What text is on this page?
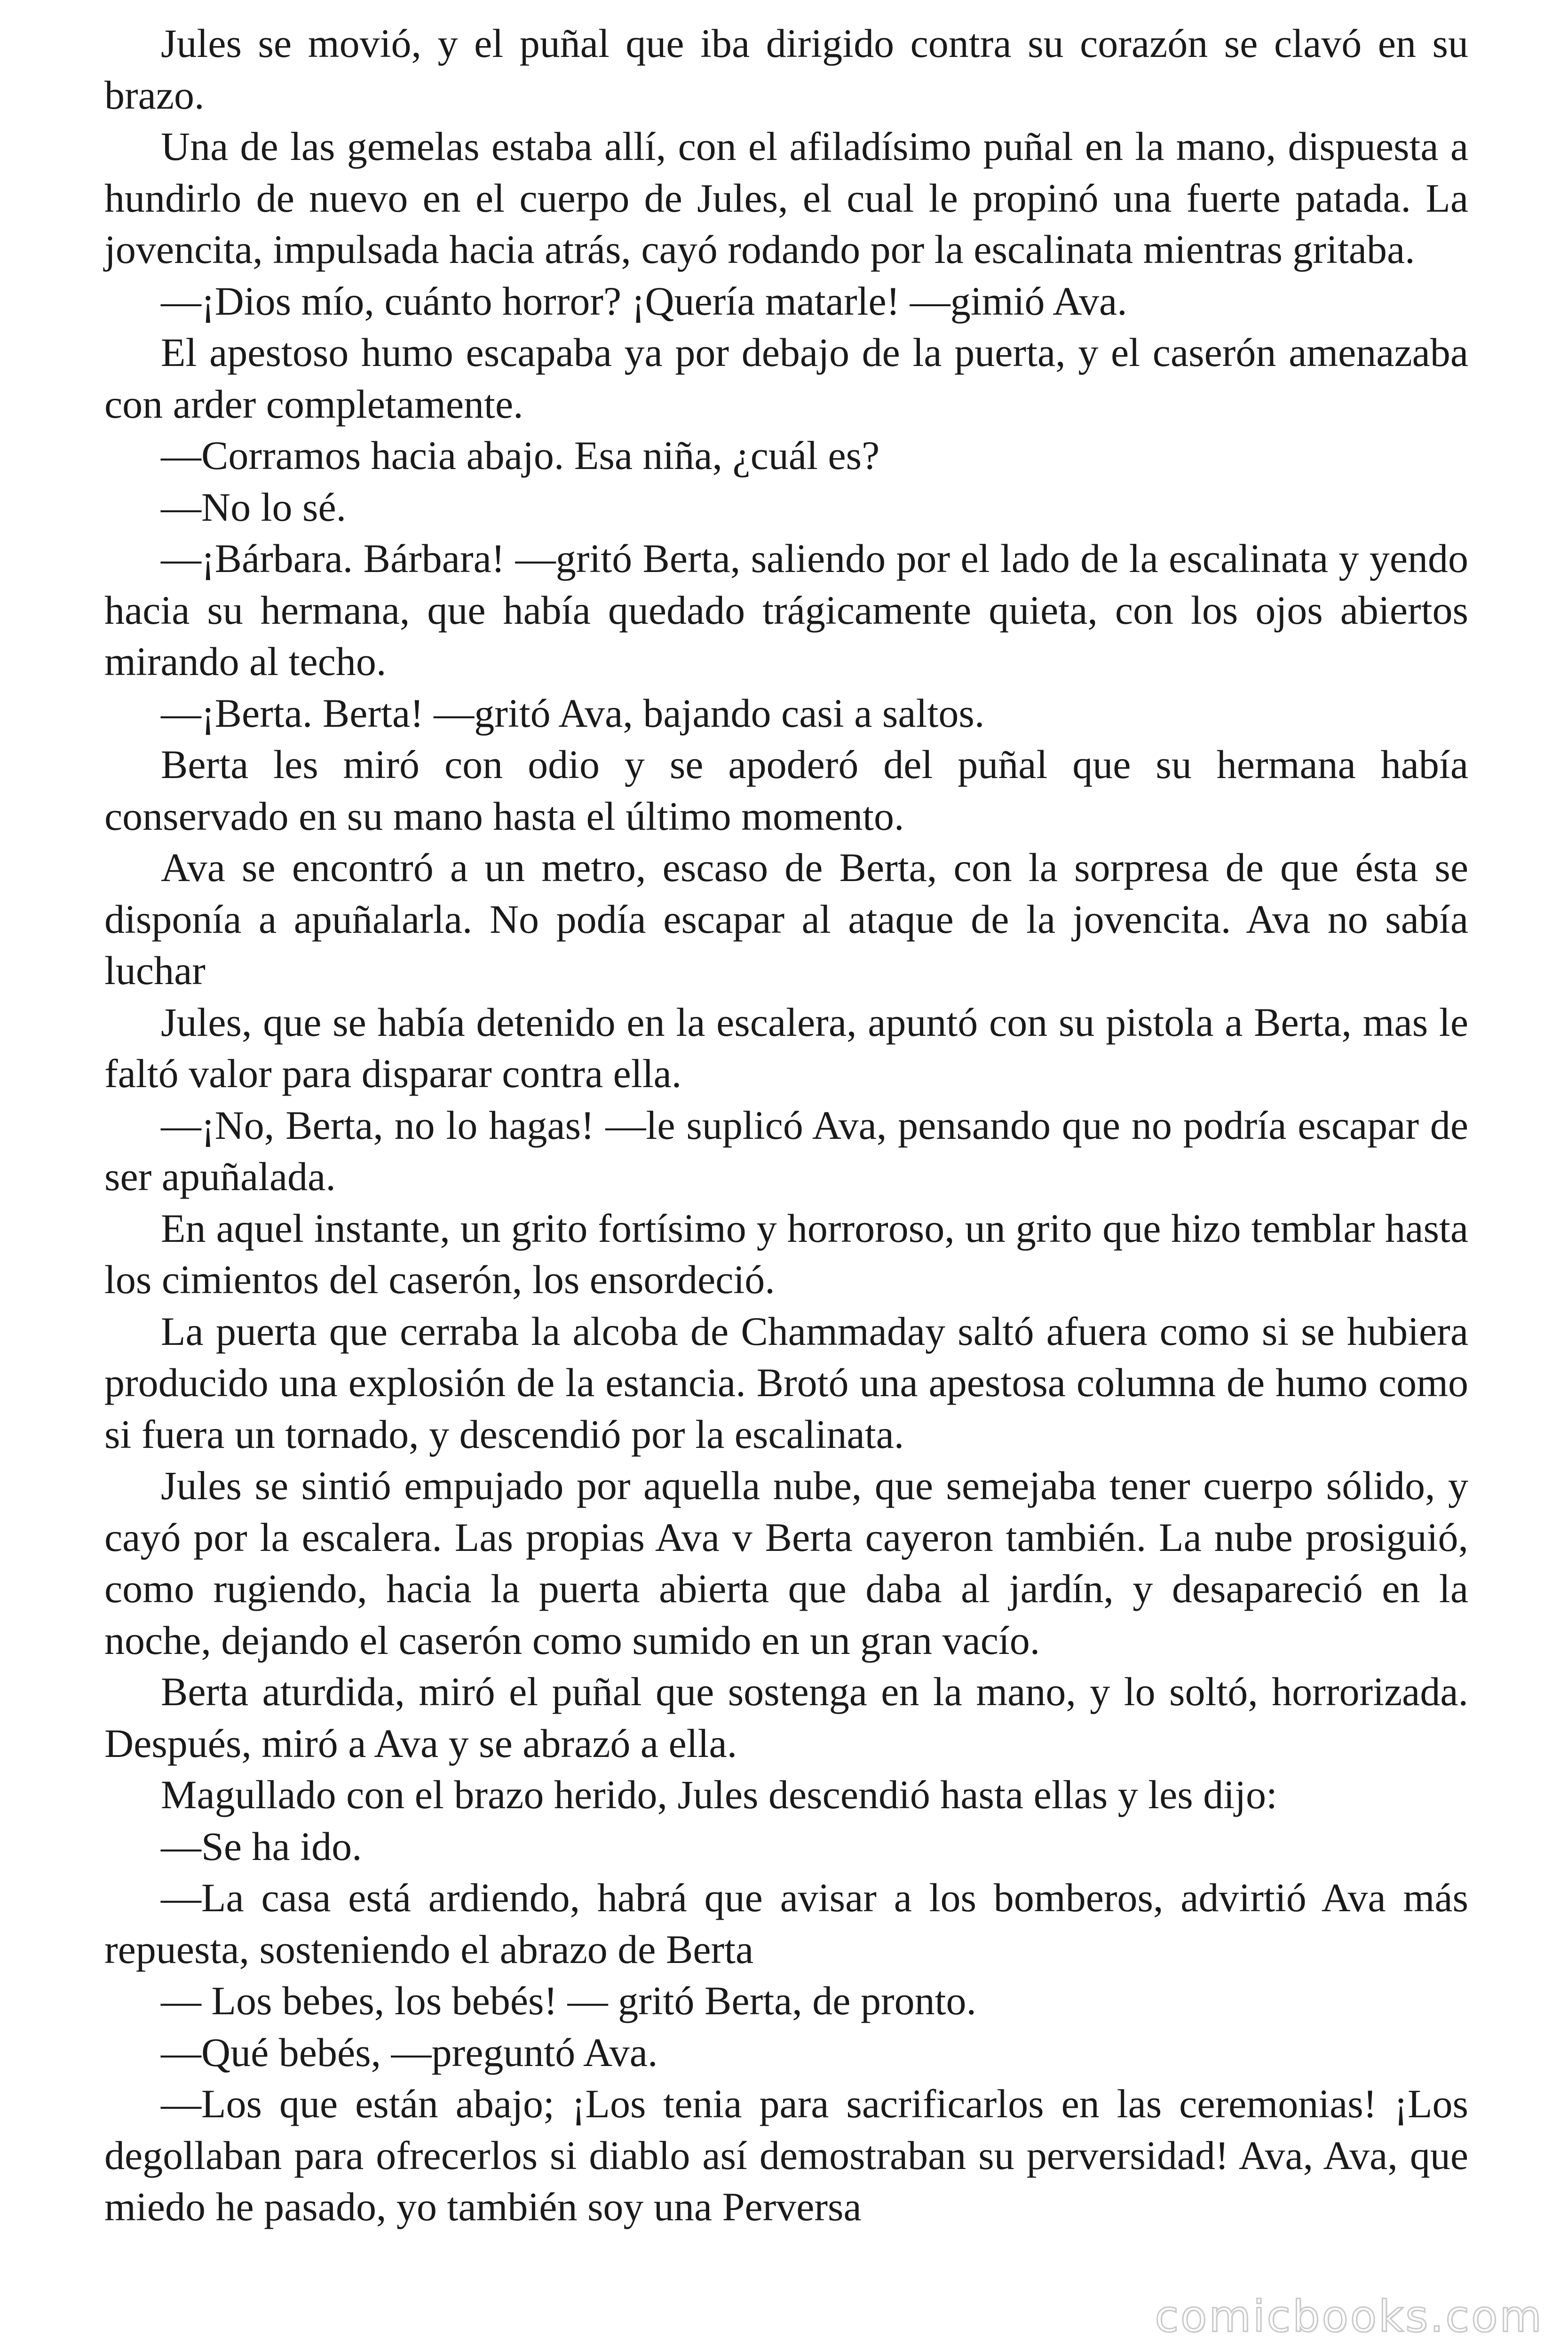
Jules se movió, y el puñal que iba dirigido contra su corazón se clavó en su brazo.

Una de las gemelas estaba allí, con el afiladísimo puñal en la mano, dispuesta a hundirlo de nuevo en el cuerpo de Jules, el cual le propinó una fuerte patada. La jovencita, impulsada hacia atrás, cayó rodando por la escalinata mientras gritaba.

—¡Dios mío, cuánto horror? ¡Quería matarle! —gimió Ava.

El apestoso humo escapaba ya por debajo de la puerta, y el caserón amenazaba con arder completamente.

—Corramos hacia abajo. Esa niña, ¿cuál es?

—No lo sé.

—¡Bárbara. Bárbara! —gritó Berta, saliendo por el lado de la escalinata y yendo hacia su hermana, que había quedado trágicamente quieta, con los ojos abiertos mirando al techo.

—¡Berta. Berta! —gritó Ava, bajando casi a saltos.

Berta les miró con odio y se apoderó del puñal que su hermana había conservado en su mano hasta el último momento.

Ava se encontró a un metro, escaso de Berta, con la sorpresa de que ésta se disponía a apuñalarla. No podía escapar al ataque de la jovencita. Ava no sabía luchar

Jules, que se había detenido en la escalera, apuntó con su pistola a Berta, mas le faltó valor para disparar contra ella.

—¡No, Berta, no lo hagas! —le suplicó Ava, pensando que no podría escapar de ser apuñalada.

En aquel instante, un grito fortísimo y horroroso, un grito que hizo temblar hasta los cimientos del caserón, los ensordeció.

La puerta que cerraba la alcoba de Chammaday saltó afuera como si se hubiera producido una explosión de la estancia. Brotó una apestosa columna de humo como si fuera un tornado, y descendió por la escalinata.

Jules se sintió empujado por aquella nube, que semejaba tener cuerpo sólido, y cayó por la escalera. Las propias Ava v Berta cayeron también. La nube prosiguió, como rugiendo, hacia la puerta abierta que daba al jardín, y desapareció en la noche, dejando el caserón como sumido en un gran vacío.

Berta aturdida, miró el puñal que sostenga en la mano, y lo soltó, horrorizada. Después, miró a Ava y se abrazó a ella.

Magullado con el brazo herido, Jules descendió hasta ellas y les dijo:

—Se ha ido.

—La casa está ardiendo, habrá que avisar a los bomberos, advirtió Ava más repuesta, sosteniendo el abrazo de Berta

— Los bebes, los bebés! — gritó Berta, de pronto.

—Qué bebés, —preguntó Ava.

—Los que están abajo; ¡Los tenia para sacrificarlos en las ceremonias! ¡Los degollaban para ofrecerlos si diablo así demostraban su perversidad! Ava, Ava, que miedo he pasado, yo también soy una Perversa

comicbooks.com
